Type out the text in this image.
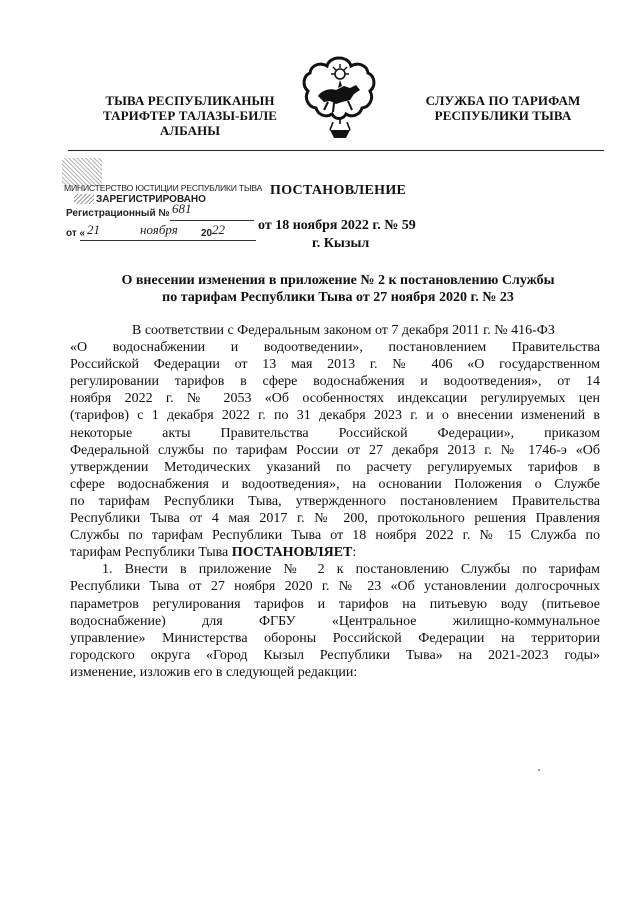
ТЫВА РЕСПУБЛИКАНЫН
ТАРИФТЕР ТАЛАЗЫ-БИЛЕ
АЛБАНЫ
СЛУЖБА ПО ТАРИФАМ
РЕСПУБЛИКИ ТЫВА
МИНИСТЕРСТВО ЮСТИЦИИ РЕСПУБЛИКИ ТЫВА
ЗАРЕГИСТРИРОВАНО
Регистрационный № 681
от « 21	ноября 20 22
ПОСТАНОВЛЕНИЕ
от 18 ноября 2022 г. № 59
г. Кызыл
О внесении изменения в приложение № 2 к постановлению Службы
по тарифам Республики Тыва от 27 ноября 2020 г. № 23

В соответствии с Федеральным законом от 7 декабря 2011 г. № 416-ФЗ

«О водоснабжении и водоотведении», постановлением Правительства

Российской Федерации от 13 мая 2013 г. № 406 «О государственном

регулировании тарифов в сфере водоснабжения и водоотведения», от 14

ноября 2022 г. № 2053 «Об особенностях индексации регулируемых цен

(тарифов) с 1 декабря 2022 г. по 31 декабря 2023 г. и о внесении изменений в

некоторые акты Правительства Российской Федерации», приказом

Федеральной службы по тарифам России от 27 декабря 2013 г. № 1746-э «Об

утверждении Методических указаний по расчету регулируемых тарифов в

сфере водоснабжения и водоотведения», на основании Положения о Службе

по тарифам Республики Тыва, утвержденного постановлением Правительства

Республики Тыва от 4 мая 2017 г. № 200, протокольного решения Правления

Службы по тарифам Республики Тыва от 18 ноября 2022 г. № 15 Служба по

тарифам Республики Тыва ПОСТАНОВЛЯЕТ:

1. Внести в приложение № 2 к постановлению Службы по тарифам

Республики Тыва от 27 ноября 2020 г. № 23 «Об установлении долгосрочных

параметров регулирования тарифов и тарифов на питьевую воду (питьевое

водоснабжение) для ФГБУ «Центральное жилищно-коммунальное

управление» Министерства обороны Российской Федерации на территории

городского округа «Город Кызыл Республики Тыва» на 2021-2023 годы»

изменение, изложив его в следующей редакции:
